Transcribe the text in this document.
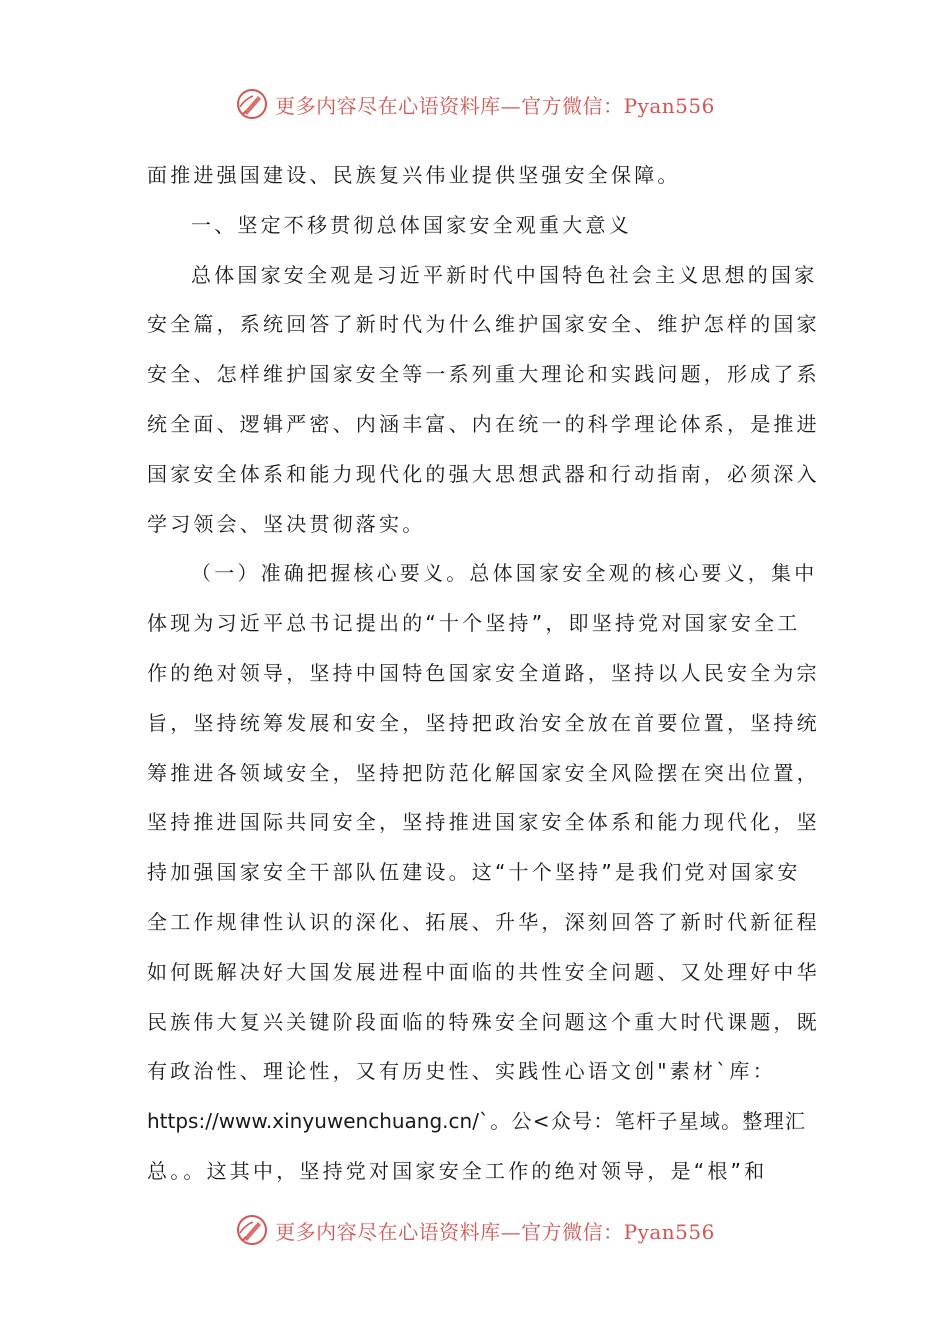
更多内容尽在心语资料库—官方微信：Pyan556
面推进强国建设、民族复兴伟业提供坚强安全保障。
一、坚定不移贯彻总体国家安全观重大意义
总体国家安全观是习近平新时代中国特色社会主义思想的国家
安全篇，系统回答了新时代为什么维护国家安全、维护怎样的国家
安全、怎样维护国家安全等一系列重大理论和实践问题，形成了系
统全面、逻辑严密、内涵丰富、内在统一的科学理论体系，是推进
国家安全体系和能力现代化的强大思想武器和行动指南，必须深入
学习领会、坚决贯彻落实。
（一）准确把握核心要义。总体国家安全观的核心要义，集中
体现为习近平总书记提出的“十个坚持”，即坚持党对国家安全工
作的绝对领导，坚持中国特色国家安全道路，坚持以人民安全为宗
旨，坚持统筹发展和安全，坚持把政治安全放在首要位置，坚持统
筹推进各领域安全，坚持把防范化解国家安全风险摆在突出位置，
坚持推进国际共同安全，坚持推进国家安全体系和能力现代化，坚
持加强国家安全干部队伍建设。这“十个坚持”是我们党对国家安
全工作规律性认识的深化、拓展、升华，深刻回答了新时代新征程
如何既解决好大国发展进程中面临的共性安全问题、又处理好中华
民族伟大复兴关键阶段面临的特殊安全问题这个重大时代课题，既
有政治性、理论性，又有历史性、实践性心语文创"素材`库：
https://www.xinyuwenchuang.cn/`。公<众号：笔杆子星域。整理汇
总。。这其中，坚持党对国家安全工作的绝对领导，是“根”和
更多内容尽在心语资料库—官方微信：Pyan556
